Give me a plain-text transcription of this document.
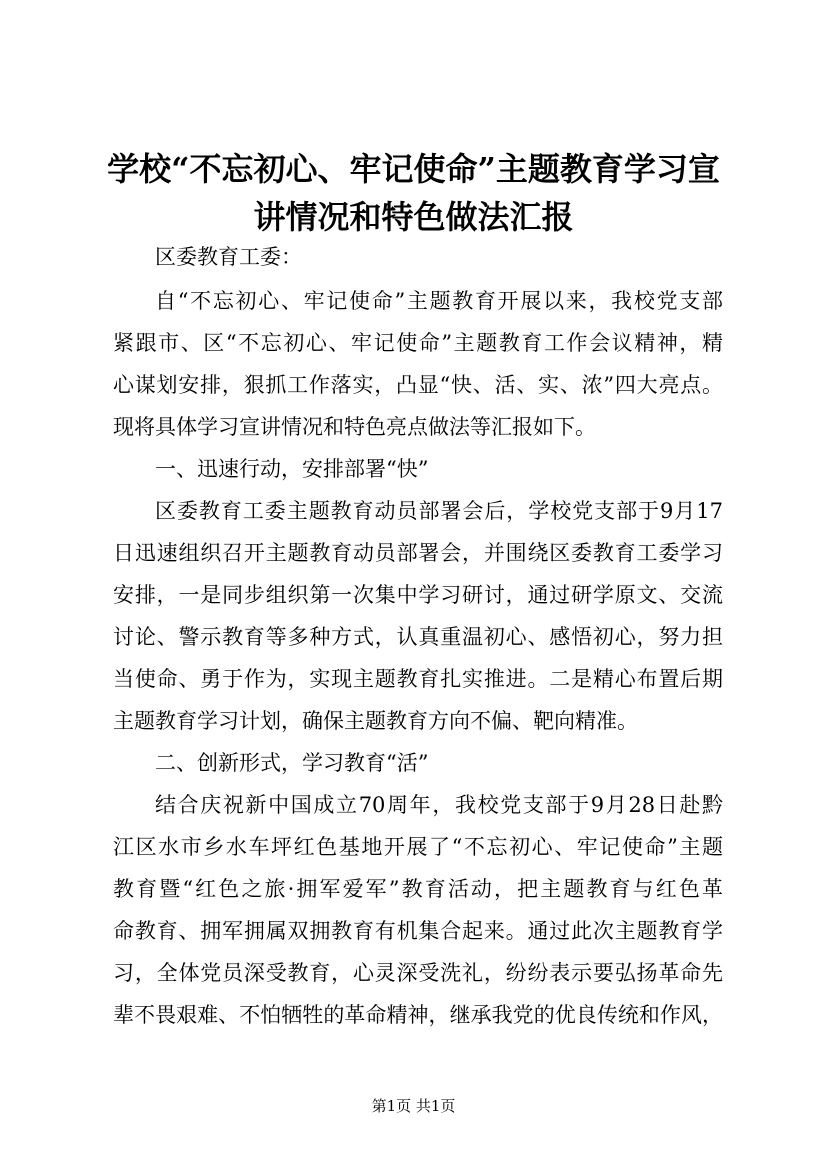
学校“不忘初心、牢记使命”主题教育学习宣
讲情况和特色做法汇报
区委教育工委：
自“不忘初心、牢记使命”主题教育开展以来，我校党支部
紧跟市、区“不忘初心、牢记使命”主题教育工作会议精神，精
心谋划安排，狠抓工作落实，凸显“快、活、实、浓”四大亮点。
现将具体学习宣讲情况和特色亮点做法等汇报如下。
一、迅速行动，安排部署“快”
区委教育工委主题教育动员部署会后，学校党支部于9月17
日迅速组织召开主题教育动员部署会，并围绕区委教育工委学习
安排，一是同步组织第一次集中学习研讨，通过研学原文、交流
讨论、警示教育等多种方式，认真重温初心、感悟初心，努力担
当使命、勇于作为，实现主题教育扎实推进。二是精心布置后期
主题教育学习计划，确保主题教育方向不偏、靶向精准。
二、创新形式，学习教育“活”
结合庆祝新中国成立70周年，我校党支部于9月28日赴黔
江区水市乡水车坪红色基地开展了“不忘初心、牢记使命”主题
教育暨“红色之旅·拥军爱军”教育活动，把主题教育与红色革
命教育、拥军拥属双拥教育有机集合起来。通过此次主题教育学
习，全体党员深受教育，心灵深受洗礼，纷纷表示要弘扬革命先
辈不畏艰难、不怕牺牲的革命精神，继承我党的优良传统和作风，
第1页 共1页
